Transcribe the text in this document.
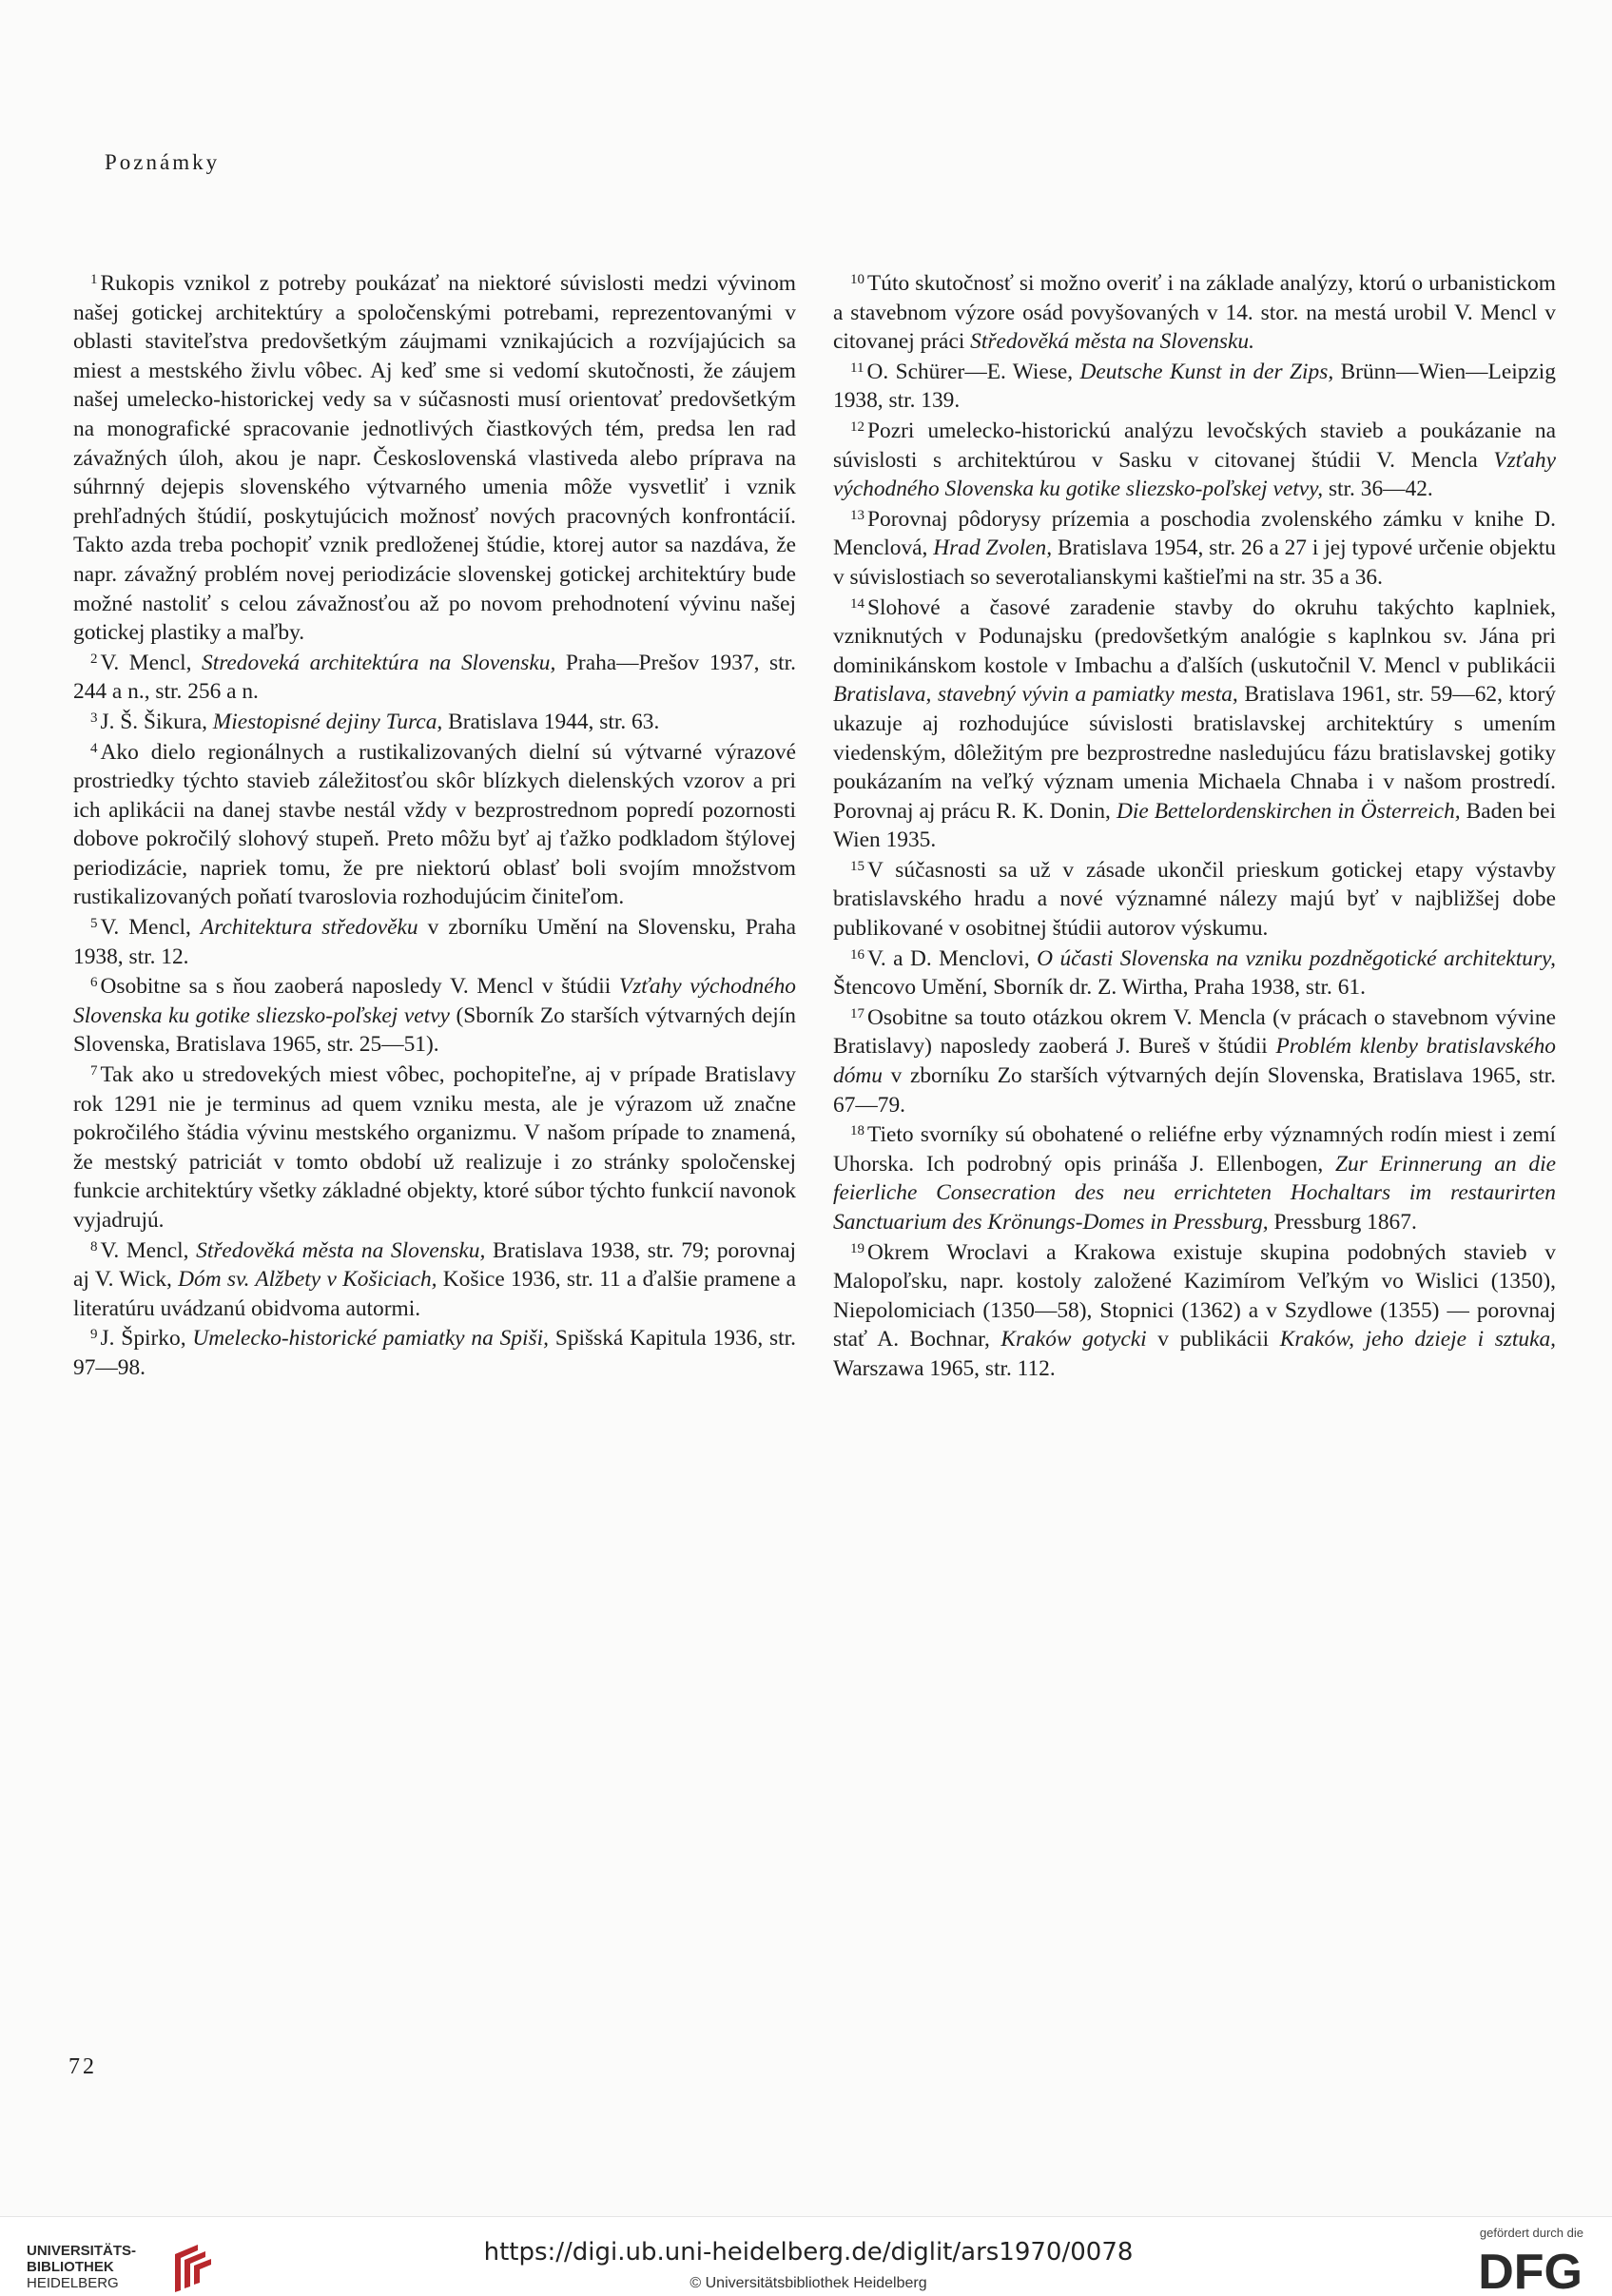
Poznámky

$^1$ Rukopis vznikol z potreby poukázať na niektoré súvislosti medzi vývinom našej gotickej architektúry a spoločenskými potrebami, reprezentovanými v oblasti staviteľstva predovšetkým záujmami vznikajúcich a rozvíjajúcich sa miest a mestského živlu vôbec. Aj keď sme si vedomí skutočnosti, že záujem našej umelecko-historickej vedy sa v súčasnosti musí orientovať predovšetkým na monografické spracovanie jednotlivých čiastkových tém, predsa len rad závažných úloh, akou je napr. Československá vlastiveda alebo príprava na súhrnný dejepis slovenského výtvarného umenia môže vysvetliť i vznik prehľadných štúdií, poskytujúcich možnosť nových pracovných konfrontácií. Takto azda treba pochopiť vznik predloženej štúdie, ktorej autor sa nazdáva, že napr. závažný problém novej periodizácie slovenskej gotickej architektúry bude možné nastoliť s celou závažnosťou až po novom prehodnotení vývinu našej gotickej plastiky a maľby.

$^2$ V. Mencl, Stredoveká architektúra na Slovensku, Praha—Prešov 1937, str. 244 a n., str. 256 a n.

$^3$ J. Š. Šikura, Miestopisné dejiny Turca, Bratislava 1944, str. 63.

$^4$ Ako dielo regionálnych a rustikalizovaných dielní sú výtvarné výrazové prostriedky týchto stavieb záležitosťou skôr blízkych dielenských vzorov a pri ich aplikácii na danej stavbe nestál vždy v bezprostrednom popredí pozornosti dobove pokročilý slohový stupeň. Preto môžu byť aj ťažko podkladom štýlovej periodizácie, napriek tomu, že pre niektorú oblasť boli svojím množstvom rustikalizovaných poňatí tvaroslovia rozhodujúcim činiteľom.

$^5$ V. Mencl, Architektura středověku v zborníku Umění na Slovensku, Praha 1938, str. 12.

$^6$ Osobitne sa s ňou zaoberá naposledy V. Mencl v štúdii Vzťahy východného Slovenska ku gotike sliezsko-poľskej vetvy (Sborník Zo starších výtvarných dejín Slovenska, Bratislava 1965, str. 25—51).

$^7$ Tak ako u stredovekých miest vôbec, pochopiteľne, aj v prípade Bratislavy rok 1291 nie je terminus ad quem vzniku mesta, ale je výrazom už značne pokročilého štádia vývinu mestského organizmu. V našom prípade to znamená, že mestský patriciát v tomto období už realizuje i zo stránky spoločenskej funkcie architektúry všetky základné objekty, ktoré súbor týchto funkcií navonok vyjadrujú.

$^8$ V. Mencl, Středověká města na Slovensku, Bratislava 1938, str. 79; porovnaj aj V. Wick, Dóm sv. Alžbety v Košiciach, Košice 1936, str. 11 a ďalšie pramene a literatúru uvádzanú obidvoma autormi.

$^9$ J. Špirko, Umelecko-historické pamiatky na Spiši, Spišská Kapitula 1936, str. 97—98.

$^{10}$ Túto skutočnosť si možno overiť i na základe analýzy, ktorú o urbanistickom a stavebnom výzore osád povyšovaných v 14. stor. na mestá urobil V. Mencl v citovanej práci Středověká města na Slovensku.

$^{11}$ O. Schürer—E. Wiese, Deutsche Kunst in der Zips, Brünn—Wien—Leipzig 1938, str. 139.

$^{12}$ Pozri umelecko-historickú analýzu levočských stavieb a poukázanie na súvislosti s architektúrou v Sasku v citovanej štúdii V. Mencla Vzťahy východného Slovenska ku gotike sliezsko-poľskej vetvy, str. 36—42.

$^{13}$ Porovnaj pôdorysy prízemia a poschodia zvolenského zámku v knihe D. Menclová, Hrad Zvolen, Bratislava 1954, str. 26 a 27 i jej typové určenie objektu v súvislostiach so severotalianskymi kaštieľmi na str. 35 a 36.

$^{14}$ Slohové a časové zaradenie stavby do okruhu takýchto kaplniek, vzniknutých v Podunajsku (predovšetkým analógie s kaplnkou sv. Jána pri dominikánskom kostole v Imbachu a ďalších (uskutočnil V. Mencl v publikácii Bratislava, stavebný vývin a pamiatky mesta, Bratislava 1961, str. 59—62, ktorý ukazuje aj rozhodujúce súvislosti bratislavskej architektúry s umením viedenským, dôležitým pre bezprostredne nasledujúcu fázu bratislavskej gotiky poukázaním na veľký význam umenia Michaela Chnaba i v našom prostredí. Porovnaj aj prácu R. K. Donin, Die Bettelordenskirchen in Österreich, Baden bei Wien 1935.

$^{15}$ V súčasnosti sa už v zásade ukončil prieskum gotickej etapy výstavby bratislavského hradu a nové významné nálezy majú byť v najbližšej dobe publikované v osobitnej štúdii autorov výskumu.

$^{16}$ V. a D. Menclovi, O účasti Slovenska na vzniku pozdněgotické architektury, Štencovo Umění, Sborník dr. Z. Wirtha, Praha 1938, str. 61.

$^{17}$ Osobitne sa touto otázkou okrem V. Mencla (v prácach o stavebnom vývine Bratislavy) naposledy zaoberá J. Bureš v štúdii Problém klenby bratislavského dómu v zborníku Zo starších výtvarných dejín Slovenska, Bratislava 1965, str. 67—79.

$^{18}$ Tieto svorníky sú obohatené o reliéfne erby významných rodín miest i zemí Uhorska. Ich podrobný opis prináša J. Ellenbogen, Zur Erinnerung an die feierliche Consecration des neu errichteten Hochaltars im restaurirten Sanctuarium des Krönungs-Domes in Pressburg, Pressburg 1867.

$^{19}$ Okrem Wroclavi a Krakowa existuje skupina podobných stavieb v Malopoľsku, napr. kostoly založené Kazimírom Veľkým vo Wislici (1350), Niepolomiciach (1350—58), Stopnici (1362) a v Szydlowe (1355) — porovnaj stať A. Bochnar, Kraków gotycki v publikácii Kraków, jeho dzieje i sztuka, Warszawa 1965, str. 112.

72
UNIVERSITÄTS-
BIBLIOTHEK
HEIDELBERG
https://digi.ub.uni-heidelberg.de/diglit/ars1970/0078
© Universitätsbibliothek Heidelberg
gefördert durch die
DFG
